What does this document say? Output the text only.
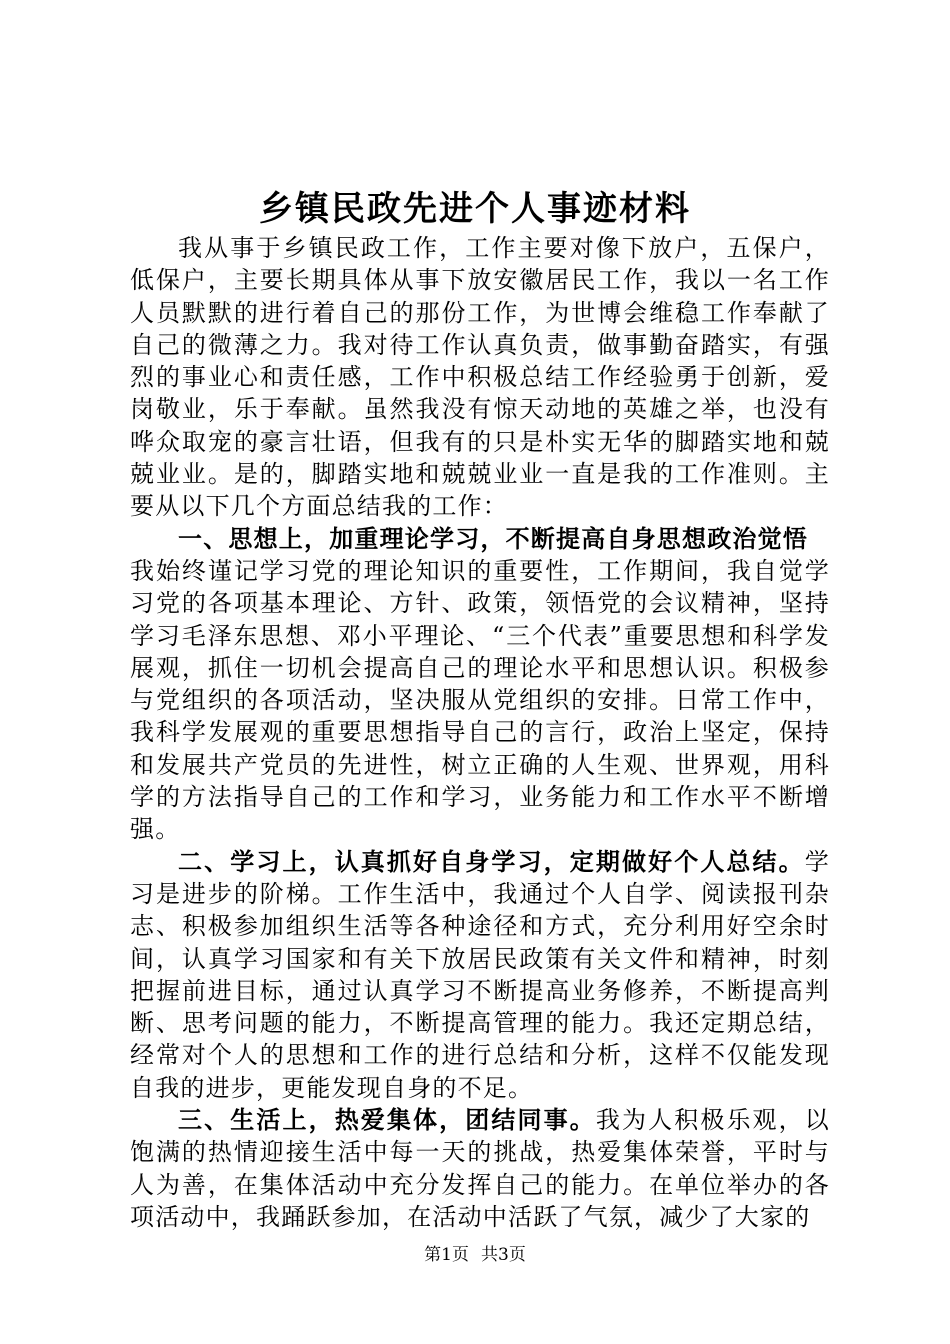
乡镇民政先进个人事迹材料

我从事于乡镇民政工作，工作主要对像下放户，五保户，低保户，主要长期具体从事下放安徽居民工作，我以一名工作人员默默的进行着自己的那份工作，为世博会维稳工作奉献了自己的微薄之力。我对待工作认真负责，做事勤奋踏实，有强烈的事业心和责任感，工作中积极总结工作经验勇于创新，爱岗敬业，乐于奉献。虽然我没有惊天动地的英雄之举，也没有哗众取宠的豪言壮语，但我有的只是朴实无华的脚踏实地和兢兢业业。是的，脚踏实地和兢兢业业一直是我的工作准则。主要从以下几个方面总结我的工作：

一、思想上，加重理论学习，不断提高自身思想政治觉悟
我始终谨记学习党的理论知识的重要性，工作期间，我自觉学习党的各项基本理论、方针、政策，领悟党的会议精神，坚持学习毛泽东思想、邓小平理论、“三个代表”重要思想和科学发展观，抓住一切机会提高自己的理论水平和思想认识。积极参与党组织的各项活动，坚决服从党组织的安排。日常工作中，我科学发展观的重要思想指导自己的言行，政治上坚定，保持和发展共产党员的先进性，树立正确的人生观、世界观，用科学的方法指导自己的工作和学习，业务能力和工作水平不断增强。
二、学习上，认真抓好自身学习，定期做好个人总结。学习是进步的阶梯。工作生活中，我通过个人自学、阅读报刊杂志、积极参加组织生活等各种途径和方式，充分利用好空余时间，认真学习国家和有关下放居民政策有关文件和精神，时刻把握前进目标，通过认真学习不断提高业务修养，不断提高判断、思考问题的能力，不断提高管理的能力。我还定期总结，经常对个人的思想和工作的进行总结和分析，这样不仅能发现自我的进步，更能发现自身的不足。
三、生活上，热爱集体，团结同事。我为人积极乐观，以饱满的热情迎接生活中每一天的挑战，热爱集体荣誉，平时与人为善，在集体活动中充分发挥自己的能力。在单位举办的各项活动中，我踊跃参加，在活动中活跃了气氛，减少了大家的
第1页 共3页
